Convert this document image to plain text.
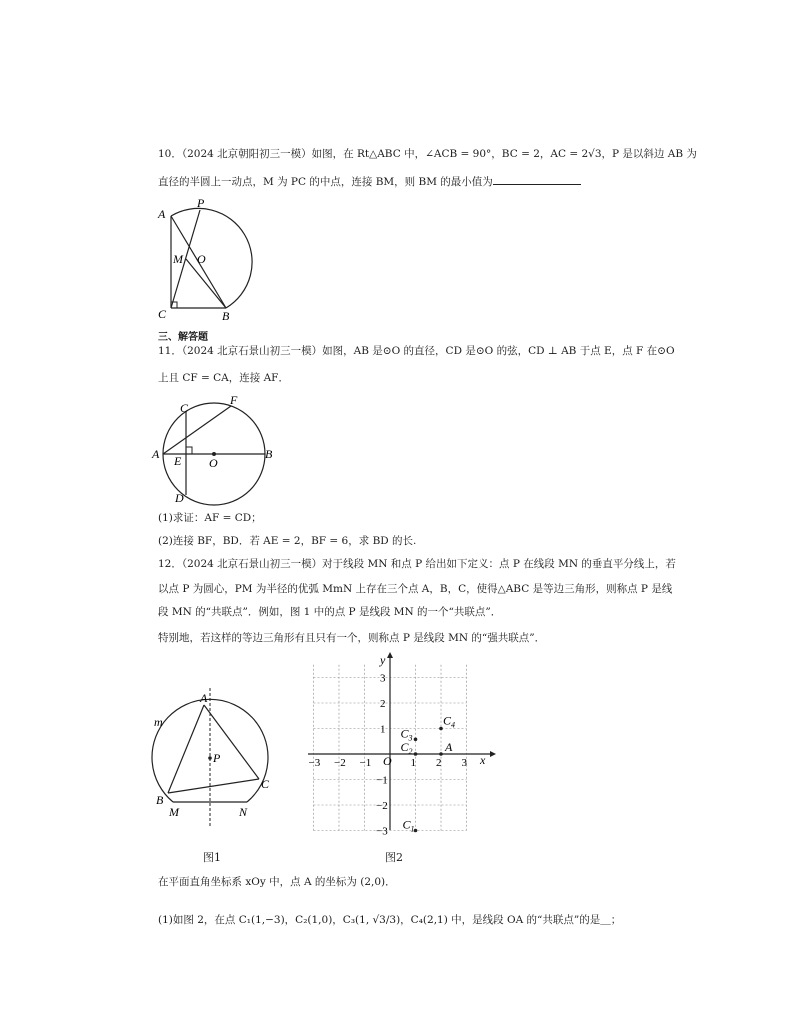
10．（2024 北京朝阳初三一模）如图，在 Rt△ABC 中，∠ACB = 90°，BC = 2，AC = 2√3，P 是以斜边 AB 为
直径的半圆上一动点，M 为 PC 的中点，连接 BM，则 BM 的最小值为
A
P
M O
C	B
三、解答题
11．（2024 北京石景山初三一模）如图，AB 是⊙O 的直径，CD 是⊙O 的弦，CD ⊥ AB 于点 E，点 F 在⊙O
上且 CF = CA，连接 AF．
A	B
C
F
E O
D
(1)求证：AF = CD；
(2)连接 BF，BD．若 AE = 2，BF = 6，求 BD 的长.
12．（2024 北京石景山初三一模）对于线段 MN 和点 P 给出如下定义：点 P 在线段 MN 的垂直平分线上，若
以点 P 为圆心，PM 为半径的优弧 MmN 上存在三个点 A，B，C，使得△ABC 是等边三角形，则称点 P 是线
段 MN 的“共联点”．例如，图 1 中的点 P 是线段 MN 的一个“共联点”．
特别地，若这样的等边三角形有且只有一个，则称点 P 是线段 MN 的“强共联点”．
A
m
P
B
M	N
C
图1
x
y
O
−3 −2 −1	1 2 3
3
2
1
−1
−2
−3 $C_1$
$C_2$
$C_3$
$C_4$
A
图2
在平面直角坐标系 xOy 中，点 A 的坐标为 (2,0)．
(1)如图 2，在点 C₁(1,−3)，C₂(1,0)，C₃(1, √3/3)，C₄(2,1) 中，是线段 OA 的“共联点”的是＿；
